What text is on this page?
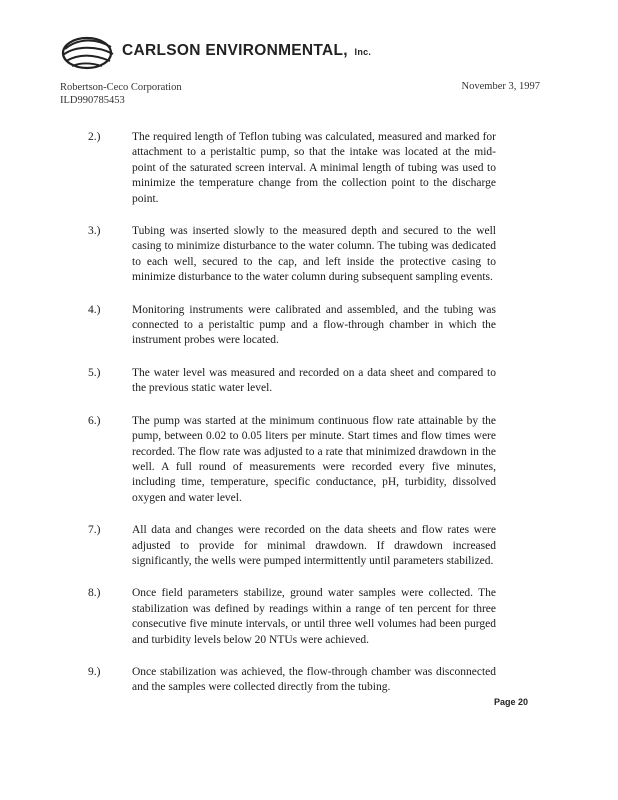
CARLSON ENVIRONMENTAL, Inc.
Robertson-Ceco Corporation
ILD990785453
November 3, 1997
2.)	The required length of Teflon tubing was calculated, measured and marked for attachment to a peristaltic pump, so that the intake was located at the mid-point of the saturated screen interval. A minimal length of tubing was used to minimize the temperature change from the collection point to the discharge point.
3.)	Tubing was inserted slowly to the measured depth and secured to the well casing to minimize disturbance to the water column. The tubing was dedicated to each well, secured to the cap, and left inside the protective casing to minimize disturbance to the water column during subsequent sampling events.
4.)	Monitoring instruments were calibrated and assembled, and the tubing was connected to a peristaltic pump and a flow-through chamber in which the instrument probes were located.
5.)	The water level was measured and recorded on a data sheet and compared to the previous static water level.
6.)	The pump was started at the minimum continuous flow rate attainable by the pump, between 0.02 to 0.05 liters per minute. Start times and flow times were recorded. The flow rate was adjusted to a rate that minimized drawdown in the well. A full round of measurements were recorded every five minutes, including time, temperature, specific conductance, pH, turbidity, dissolved oxygen and water level.
7.)	All data and changes were recorded on the data sheets and flow rates were adjusted to provide for minimal drawdown. If drawdown increased significantly, the wells were pumped intermittently until parameters stabilized.
8.)	Once field parameters stabilize, ground water samples were collected. The stabilization was defined by readings within a range of ten percent for three consecutive five minute intervals, or until three well volumes had been purged and turbidity levels below 20 NTUs were achieved.
9.)	Once stabilization was achieved, the flow-through chamber was disconnected and the samples were collected directly from the tubing.
Page 20
